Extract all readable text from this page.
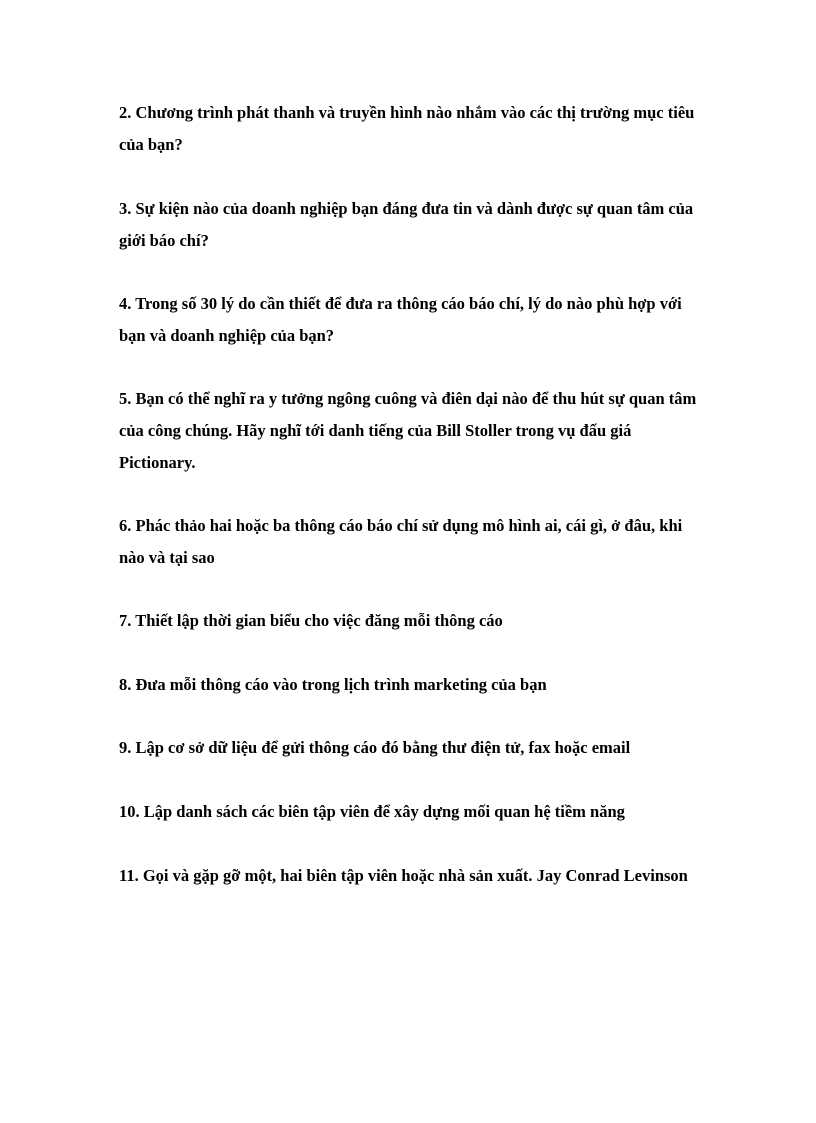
2. Chương trình phát thanh và truyền hình nào nhắm vào các thị trường mục tiêu của bạn?

3. Sự kiện nào của doanh nghiệp bạn đáng đưa tin và dành được sự quan tâm của giới báo chí?

4. Trong số 30 lý do cần thiết để đưa ra thông cáo báo chí, lý do nào phù hợp với bạn và doanh nghiệp của bạn?

5. Bạn có thể nghĩ ra y tưởng ngông cuông và điên dại nào để thu hút sự quan tâm của công chúng. Hãy nghĩ tới danh tiếng của Bill Stoller trong vụ đấu giá Pictionary.

6. Phác thảo hai hoặc ba thông cáo báo chí sử dụng mô hình ai, cái gì, ở đâu, khi nào và tại sao

7. Thiết lập thời gian biểu cho việc đăng mỗi thông cáo

8. Đưa mỗi thông cáo vào trong lịch trình marketing của bạn

9. Lập cơ sở dữ liệu để gửi thông cáo đó bằng thư điện tử, fax hoặc email

10. Lập danh sách các biên tập viên để xây dựng mối quan hệ tiềm năng

11. Gọi và gặp gỡ một, hai biên tập viên hoặc nhà sản xuất. Jay Conrad Levinson
